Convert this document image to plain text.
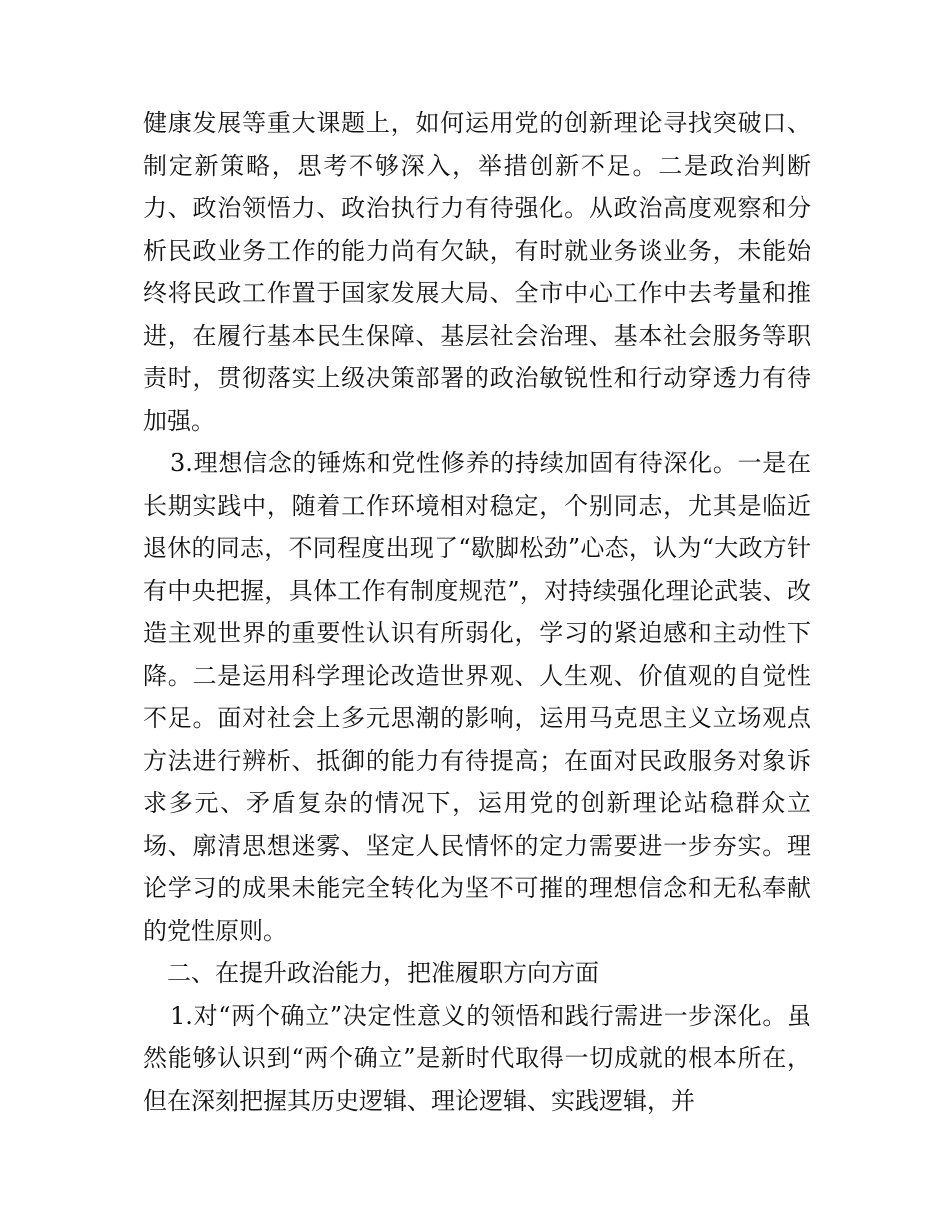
健康发展等重大课题上，如何运用党的创新理论寻找突破口、制定新策略，思考不够深入，举措创新不足。二是政治判断力、政治领悟力、政治执行力有待强化。从政治高度观察和分析民政业务工作的能力尚有欠缺，有时就业务谈业务，未能始终将民政工作置于国家发展大局、全市中心工作中去考量和推进，在履行基本民生保障、基层社会治理、基本社会服务等职责时，贯彻落实上级决策部署的政治敏锐性和行动穿透力有待加强。

3.理想信念的锤炼和党性修养的持续加固有待深化。一是在长期实践中，随着工作环境相对稳定，个别同志，尤其是临近退休的同志，不同程度出现了“歇脚松劲”心态，认为“大政方针有中央把握，具体工作有制度规范”，对持续强化理论武装、改造主观世界的重要性认识有所弱化，学习的紧迫感和主动性下降。二是运用科学理论改造世界观、人生观、价值观的自觉性不足。面对社会上多元思潮的影响，运用马克思主义立场观点方法进行辨析、抵御的能力有待提高；在面对民政服务对象诉求多元、矛盾复杂的情况下，运用党的创新理论站稳群众立场、廓清思想迷雾、坚定人民情怀的定力需要进一步夯实。理论学习的成果未能完全转化为坚不可摧的理想信念和无私奉献的党性原则。

二、在提升政治能力，把准履职方向方面

1.对“两个确立”决定性意义的领悟和践行需进一步深化。虽然能够认识到“两个确立”是新时代取得一切成就的根本所在，但在深刻把握其历史逻辑、理论逻辑、实践逻辑，并
